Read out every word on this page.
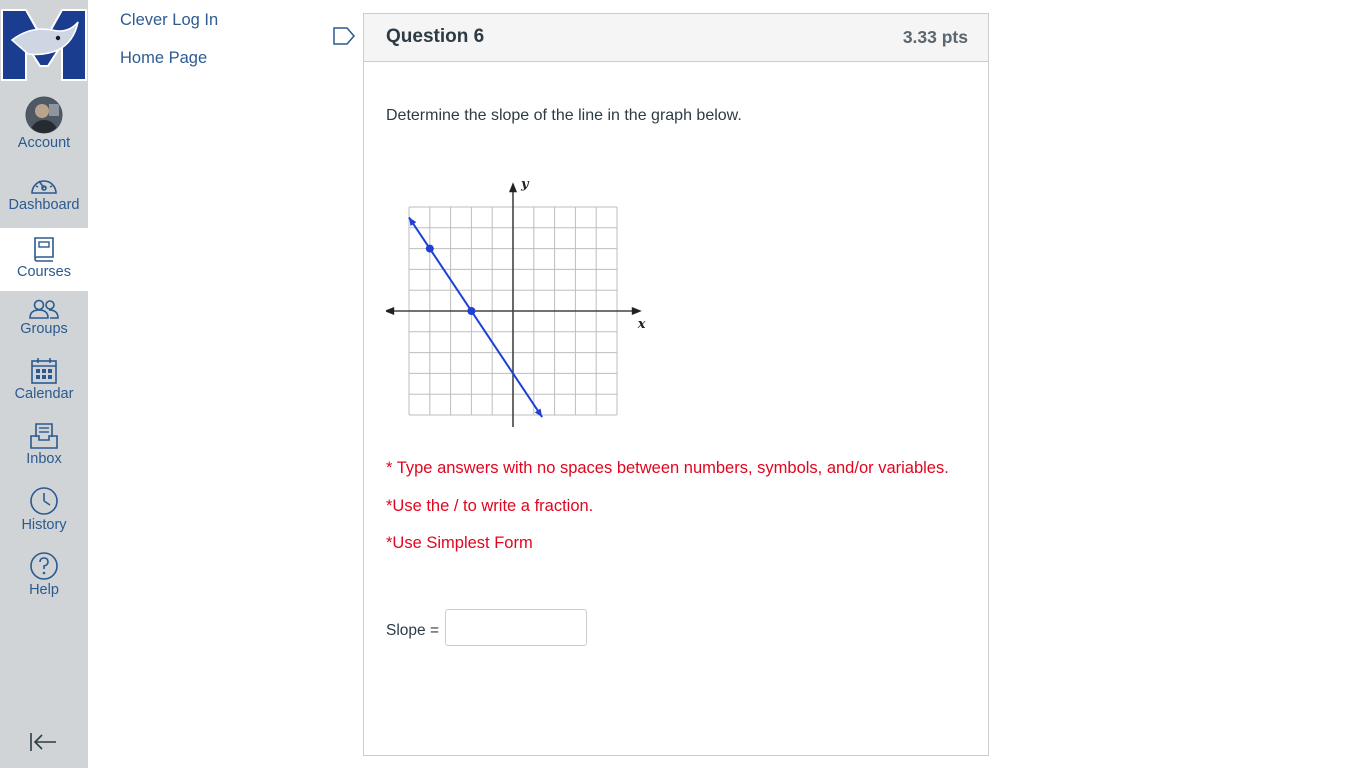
Account
Dashboard
Courses
Groups
Calendar
Inbox
History
Help
Clever Log In
Home Page
Question 6	3.33 pts
Determine the slope of the line in the graph below.
x
y
* Type answers with no spaces between numbers, symbols, and/or variables.
*Use the / to write a fraction.
*Use Simplest Form
Slope =
